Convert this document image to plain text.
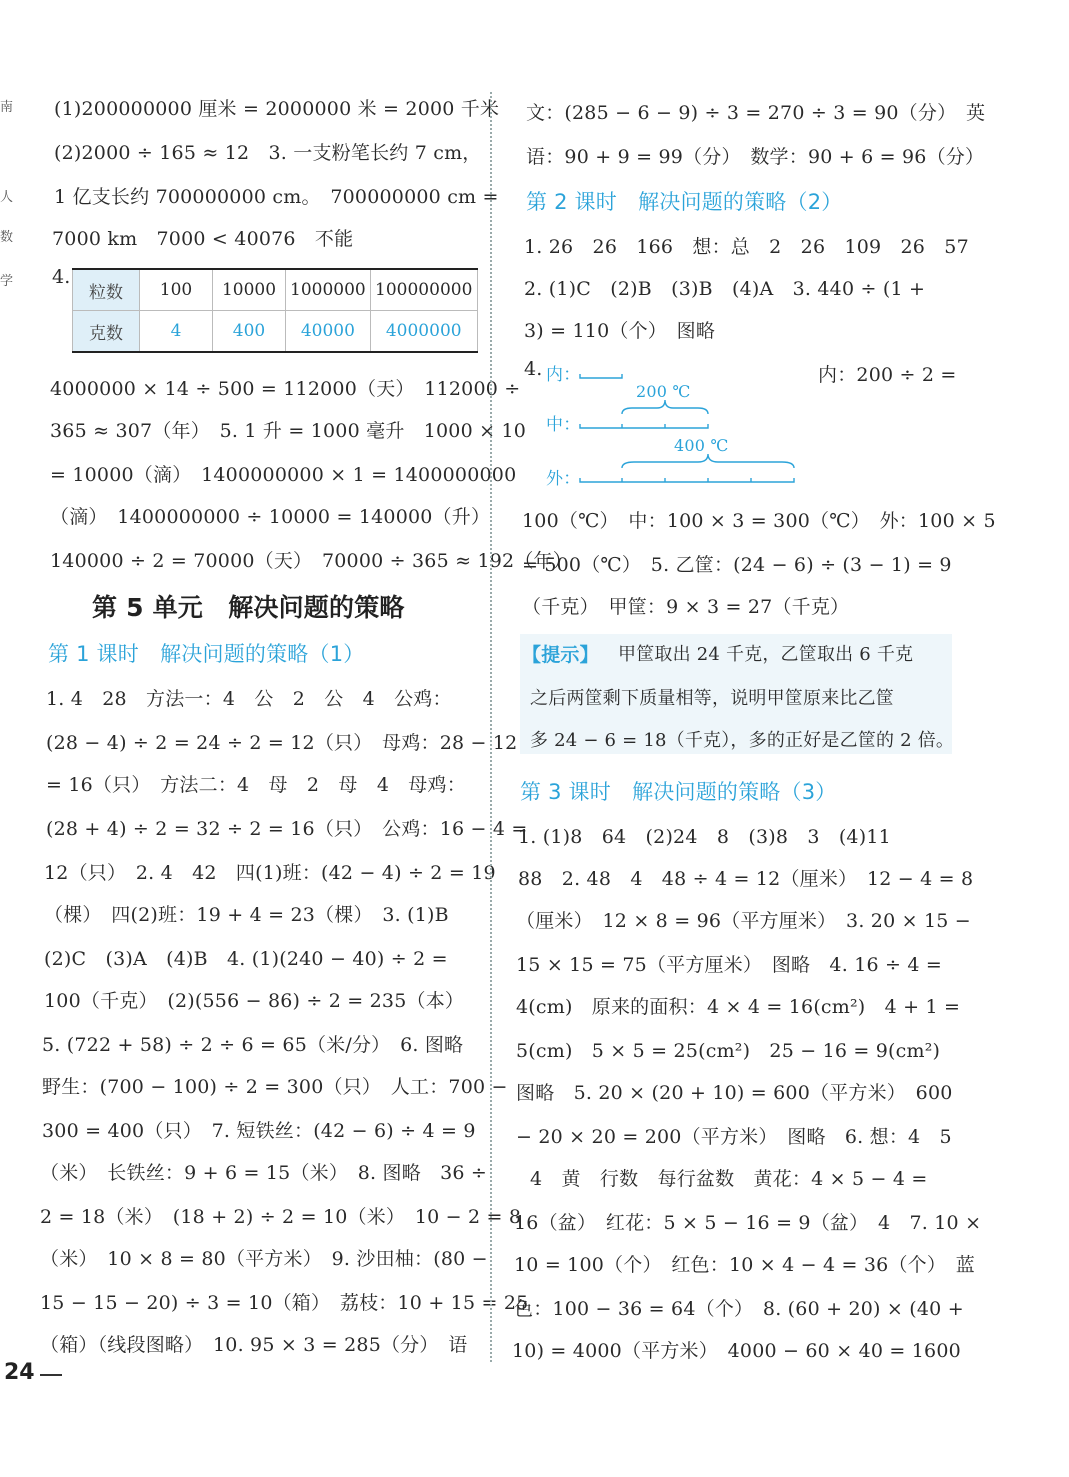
南
人
数
学
(1)200000000 厘米 = 2000000 米 = 2000 千米
(2)2000 ÷ 165 ≈ 12　3. 一支粉笔长约 7 cm，
1 亿支长约 700000000 cm。　700000000 cm =
7000 km　7000 < 40076　不能
4.
粒数	100	10000	1000000	100000000
克数	4	400	40000	4000000
4000000 × 14 ÷ 500 = 112000（天）　112000 ÷
365 ≈ 307（年）　5. 1 升 = 1000 毫升　1000 × 10
= 10000（滴）　1400000000 × 1 = 1400000000
（滴）　1400000000 ÷ 10000 = 140000（升）
140000 ÷ 2 = 70000（天）　70000 ÷ 365 ≈ 192（年）
第 5 单元　解决问题的策略
第 1 课时　解决问题的策略（1）
1. 4　28　方法一：4　公　2　公　4　公鸡：
(28 − 4) ÷ 2 = 24 ÷ 2 = 12（只）　母鸡：28 − 12
= 16（只）　方法二：4　母　2　母　4　母鸡：
(28 + 4) ÷ 2 = 32 ÷ 2 = 16（只）　公鸡：16 − 4 =
12（只）　2. 4　42　四(1)班：(42 − 4) ÷ 2 = 19
（棵）　四(2)班：19 + 4 = 23（棵）　3. (1)B
(2)C　(3)A　(4)B　4. (1)(240 − 40) ÷ 2 =
100（千克）　(2)(556 − 86) ÷ 2 = 235（本）
5. (722 + 58) ÷ 2 ÷ 6 = 65（米/分）　6. 图略
野生：(700 − 100) ÷ 2 = 300（只）　人工：700 −
300 = 400（只）　7. 短铁丝：(42 − 6) ÷ 4 = 9
（米）　长铁丝：9 + 6 = 15（米）　8. 图略　36 ÷
2 = 18（米）　(18 + 2) ÷ 2 = 10（米）　10 − 2 = 8
（米）　10 × 8 = 80（平方米）　9. 沙田柚：(80 −
15 − 15 − 20) ÷ 3 = 10（箱）　荔枝：10 + 15 = 25
（箱）（线段图略）　10. 95 × 3 = 285（分）　语
文：(285 − 6 − 9) ÷ 3 = 270 ÷ 3 = 90（分）　英
语：90 + 9 = 99（分）　数学：90 + 6 = 96（分）
第 2 课时　解决问题的策略（2）
1. 26　26　166　想：总　2　26　109　26　57
2. (1)C　(2)B　(3)B　(4)A　3. 440 ÷ (1 +
3) = 110（个）　图略
4. 内：
中：
外：
200 ℃
400 ℃
内：200 ÷ 2 =
100（℃）　中：100 × 3 = 300（℃）　外：100 × 5
= 500（℃）　5. 乙筐：(24 − 6) ÷ (3 − 1) = 9
（千克）　甲筐：9 × 3 = 27（千克）
【提示】 甲筐取出 24 千克，乙筐取出 6 千克
之后两筐剩下质量相等，说明甲筐原来比乙筐
多 24 − 6 = 18（千克），多的正好是乙筐的 2 倍。
第 3 课时　解决问题的策略（3）
1. (1)8　64　(2)24　8　(3)8　3　(4)11
88　2. 48　4　48 ÷ 4 = 12（厘米）　12 − 4 = 8
（厘米）　12 × 8 = 96（平方厘米）　3. 20 × 15 −
15 × 15 = 75（平方厘米）　图略　4. 16 ÷ 4 =
4(cm)　原来的面积：4 × 4 = 16(cm²)　4 + 1 =
5(cm)　5 × 5 = 25(cm²)　25 − 16 = 9(cm²)
图略　5. 20 × (20 + 10) = 600（平方米）　600
− 20 × 20 = 200（平方米）　图略　6. 想：4　5
4　黄　行数　每行盆数　黄花：4 × 5 − 4 =
16（盆）　红花：5 × 5 − 16 = 9（盆）　4　7. 10 ×
10 = 100（个）　红色：10 × 4 − 4 = 36（个）　蓝
色：100 − 36 = 64（个）　8. (60 + 20) × (40 +
10) = 4000（平方米）　4000 − 60 × 40 = 1600
24
